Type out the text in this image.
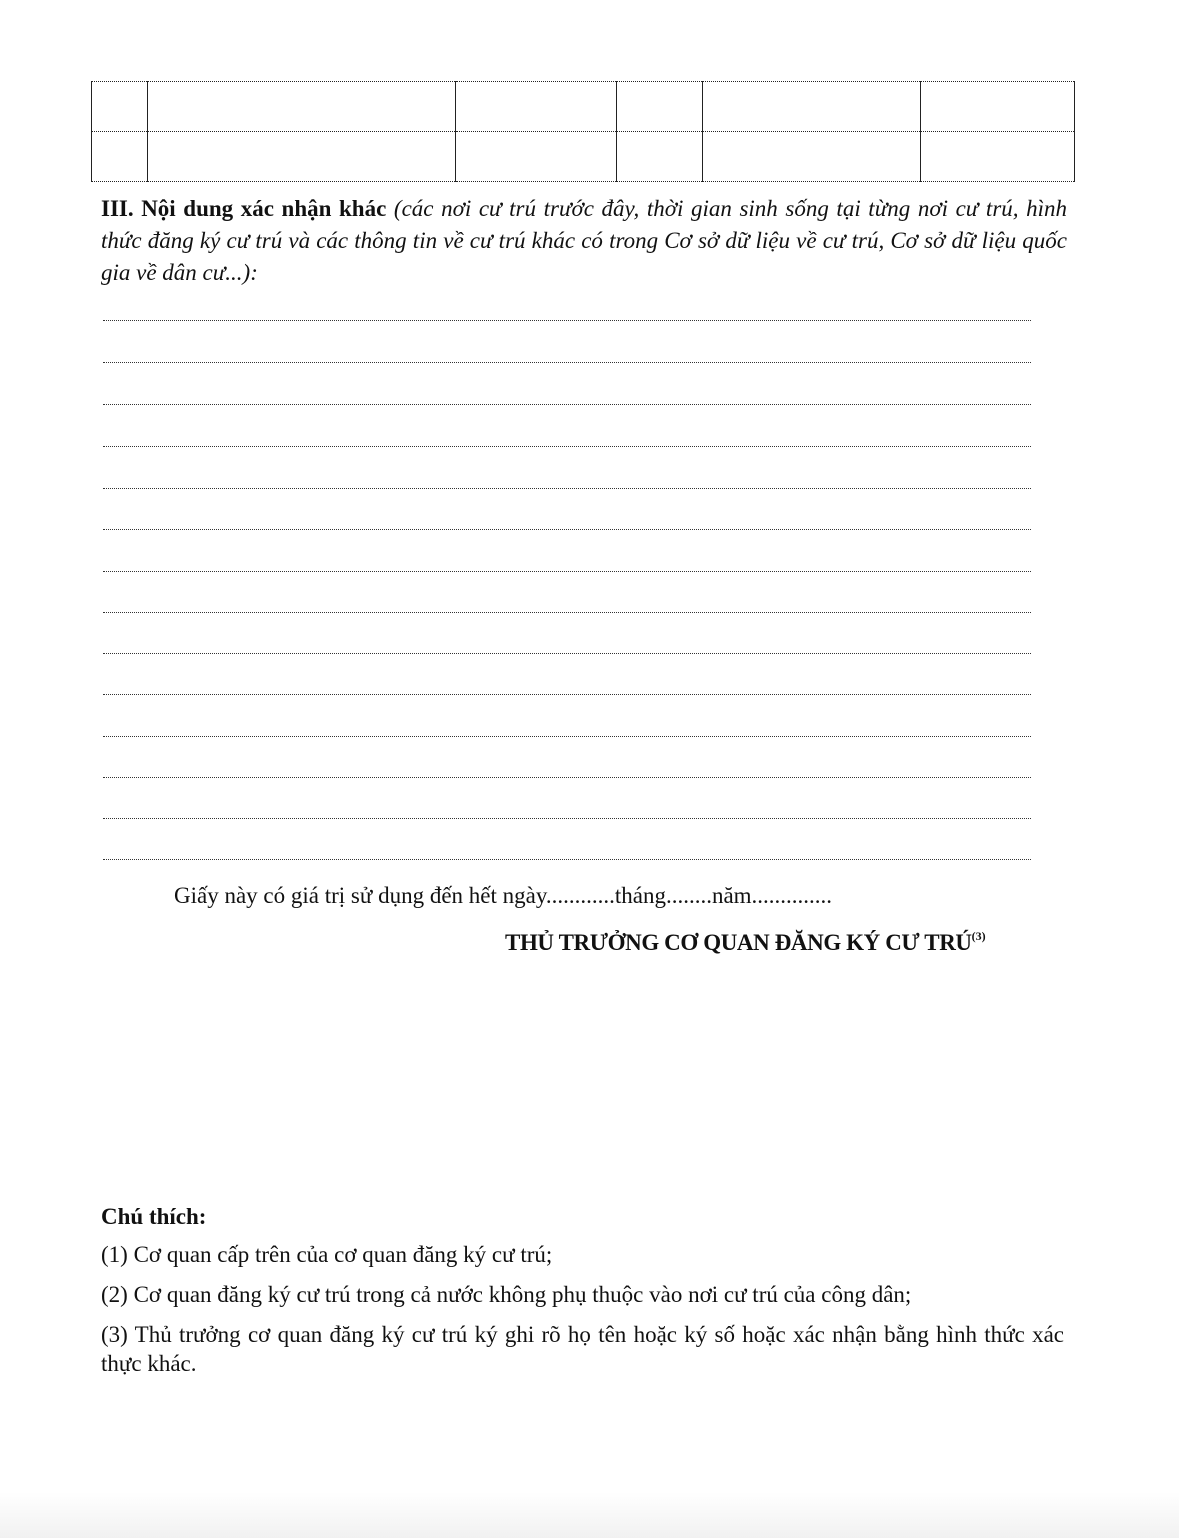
III. Nội dung xác nhận khác (các nơi cư trú trước đây, thời gian sinh sống tại từng nơi cư trú, hình thức đăng ký cư trú và các thông tin về cư trú khác có trong Cơ sở dữ liệu về cư trú, Cơ sở dữ liệu quốc gia về dân cư...):

Giấy này có giá trị sử dụng đến hết ngày............tháng........năm..............
THỦ TRƯỞNG CƠ QUAN ĐĂNG KÝ CƯ TRÚ$^{(3)}$
Chú thích:

(1) Cơ quan cấp trên của cơ quan đăng ký cư trú;

(2) Cơ quan đăng ký cư trú trong cả nước không phụ thuộc vào nơi cư trú của công dân;

(3) Thủ trưởng cơ quan đăng ký cư trú ký ghi rõ họ tên hoặc ký số hoặc xác nhận bằng hình thức xác thực khác.
